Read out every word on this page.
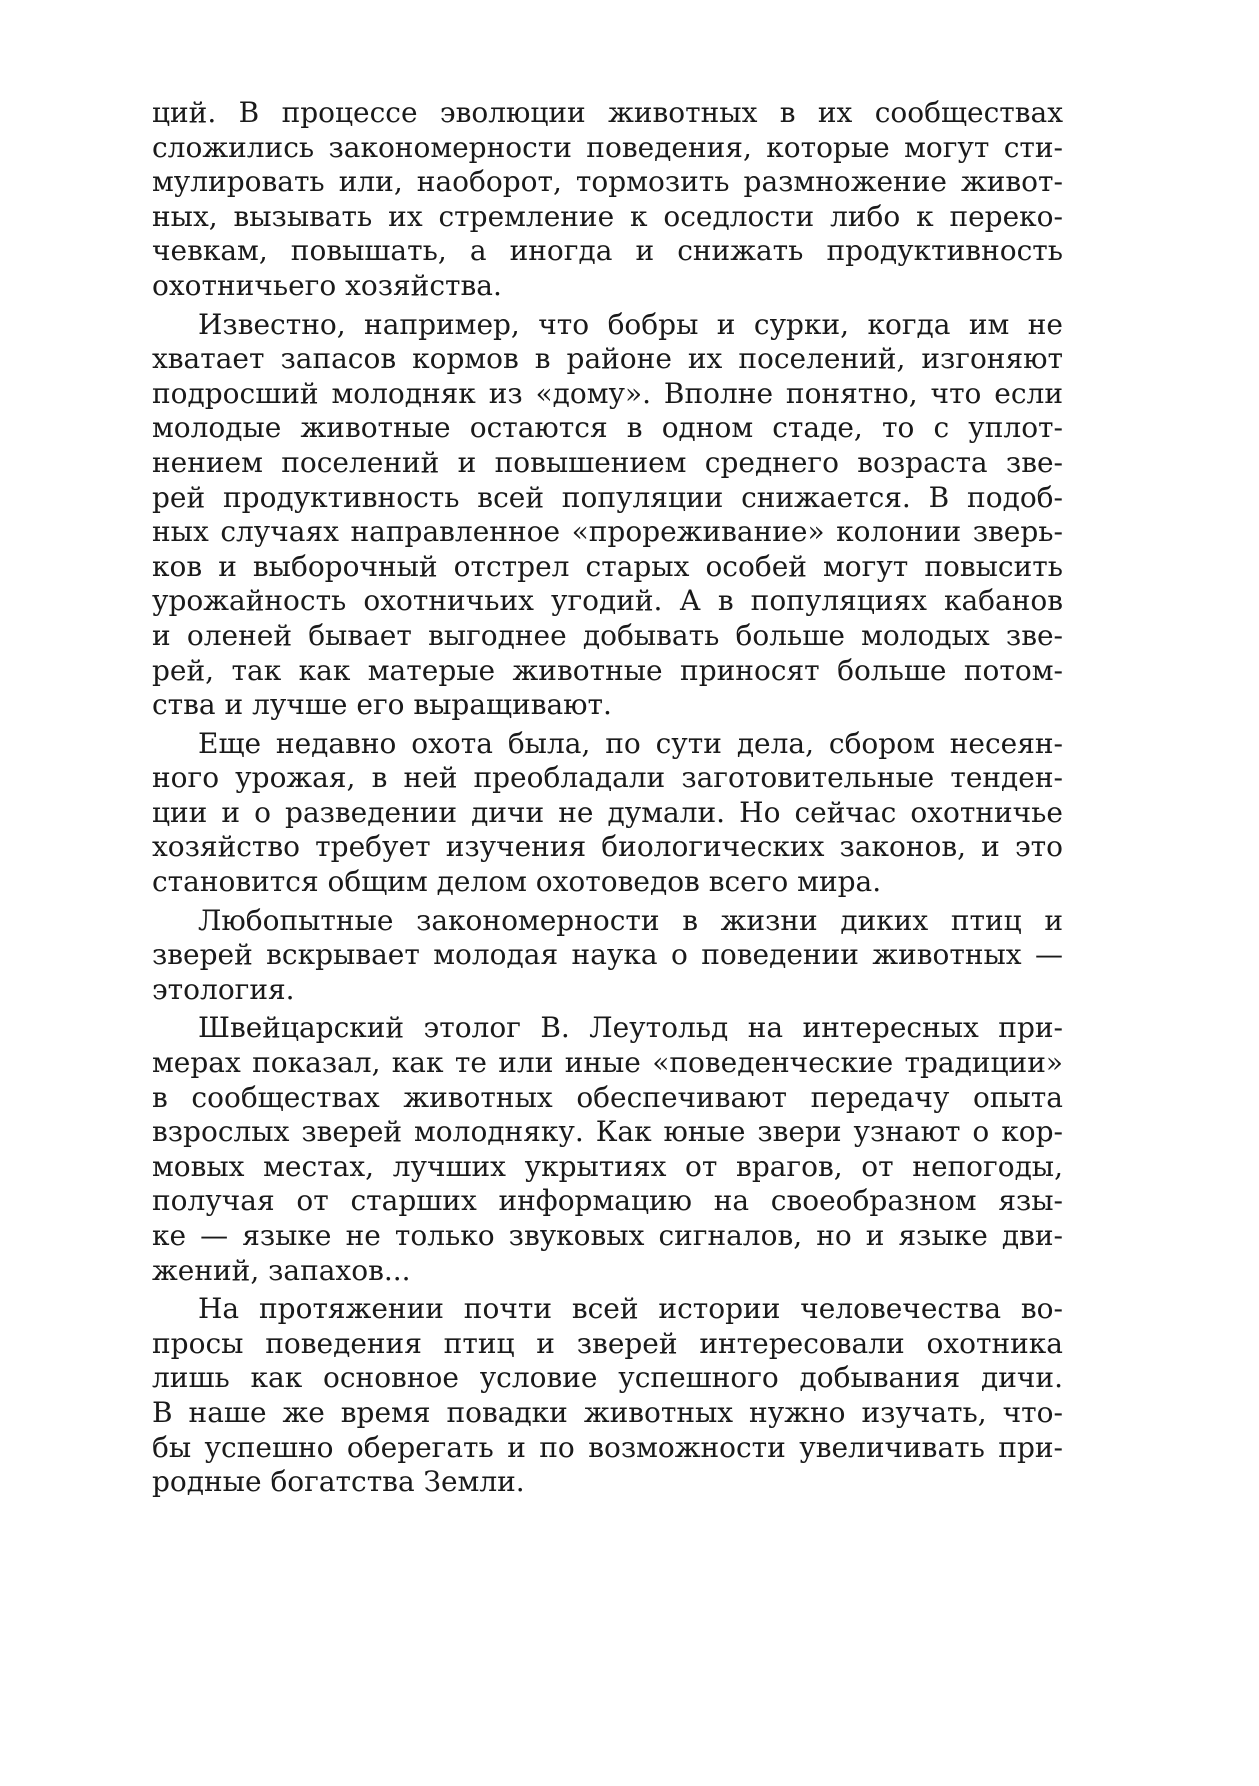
ций. В процессе эволюции животных в их сообществах
сложились закономерности поведения, которые могут сти-
мулировать или, наоборот, тормозить размножение живот-
ных, вызывать их стремление к оседлости либо к переко-
чевкам, повышать, а иногда и снижать продуктивность
охотничьего хозяйства.
Известно, например, что бобры и сурки, когда им не
хватает запасов кормов в районе их поселений, изгоняют
подросший молодняк из «дому». Вполне понятно, что если
молодые животные остаются в одном стаде, то с уплот-
нением поселений и повышением среднего возраста зве-
рей продуктивность всей популяции снижается. В подоб-
ных случаях направленное «прореживание» колонии зверь-
ков и выборочный отстрел старых особей могут повысить
урожайность охотничьих угодий. А в популяциях кабанов
и оленей бывает выгоднее добывать больше молодых зве-
рей, так как матерые животные приносят больше потом-
ства и лучше его выращивают.
Еще недавно охота была, по сути дела, сбором несеян-
ного урожая, в ней преобладали заготовительные тенден-
ции и о разведении дичи не думали. Но сейчас охотничье
хозяйство требует изучения биологических законов, и это
становится общим делом охотоведов всего мира.
Любопытные закономерности в жизни диких птиц и
зверей вскрывает молодая наука о поведении животных —
этология.
Швейцарский этолог В. Леутольд на интересных при-
мерах показал, как те или иные «поведенческие традиции»
в сообществах животных обеспечивают передачу опыта
взрослых зверей молодняку. Как юные звери узнают о кор-
мовых местах, лучших укрытиях от врагов, от непогоды,
получая от старших информацию на своеобразном язы-
ке — языке не только звуковых сигналов, но и языке дви-
жений, запахов...
На протяжении почти всей истории человечества во-
просы поведения птиц и зверей интересовали охотника
лишь как основное условие успешного добывания дичи.
В наше же время повадки животных нужно изучать, что-
бы успешно оберегать и по возможности увеличивать при-
родные богатства Земли.
